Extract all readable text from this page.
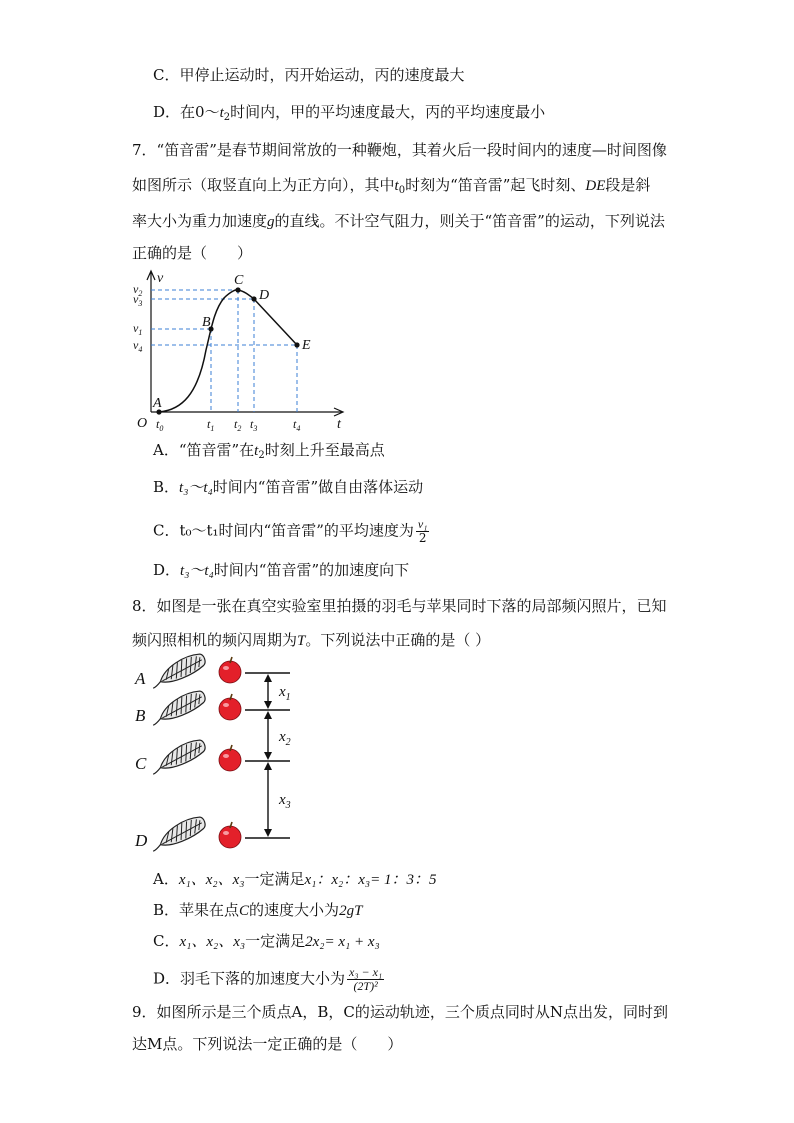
C．甲停止运动时，丙开始运动，丙的速度最大
D．在$0\sim t_2$时间内，甲的平均速度最大，丙的平均速度最小
7．“笛音雷”是春节期间常放的一种鞭炮，其着火后一段时间内的速度—时间图像
如图所示（取竖直向上为正方向），其中$t_0$时刻为“笛音雷”起飞时刻、DE段是斜
率大小为重力加速度g的直线。不计空气阻力，则关于“笛音雷”的运动，下列说法
正确的是（　　）
v
t
O
A
B
C
D
E
$v_2$
$v_3$
$v_1$
$v_4$
$t_0$	$t_1$ $t_2$ $t_3$	$t_4$
A．“笛音雷”在$t_2$时刻上升至最高点
B．t₃～t₄时间内“笛音雷”做自由落体运动
C．t₀～t₁时间内“笛音雷”的平均速度为 $\frac{\text{v₁}}{2}$
D．t₃～t₄时间内“笛音雷”的加速度向下
8．如图是一张在真空实验室里拍摄的羽毛与苹果同时下落的局部频闪照片，已知
频闪照相机的频闪周期为T。下列说法中正确的是（ ）
A
B
C
D
$x_1$
$x_2$
$x_3$
A．x₁、x₂、x₃一定满足x₁：x₂：x₃= 1：3：5
B．苹果在点C的速度大小为2gT
C．x₁、x₂、x₃一定满足2x₂= x₁ + x₃
D．羽毛下落的加速度大小为 $\frac{\text{x₃ − x₁}}{\text{(2T)²}}$
9．如图所示是三个质点A，B，C的运动轨迹，三个质点同时从N点出发，同时到
达M点。下列说法一定正确的是（　　）
